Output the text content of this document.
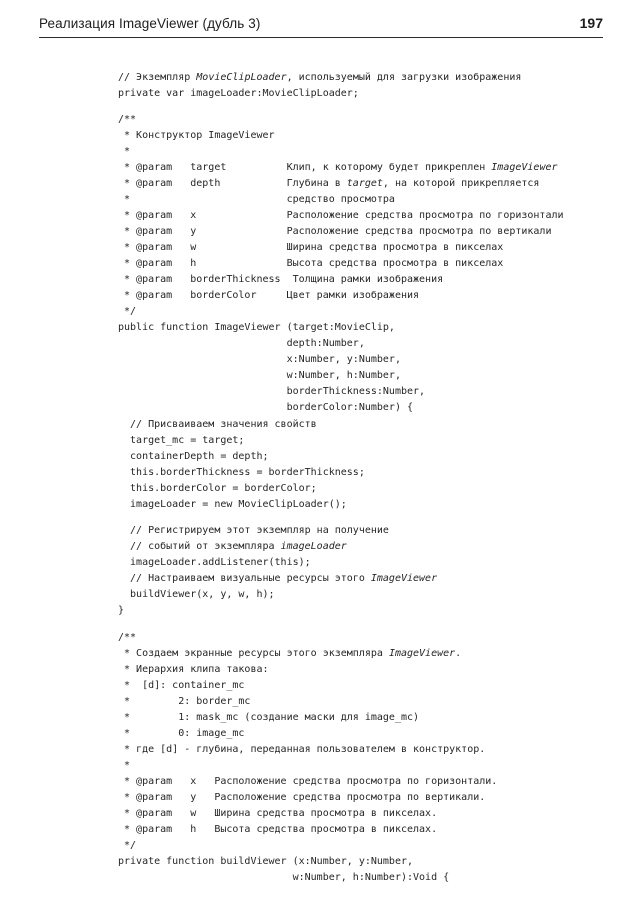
Реализация ImageViewer (дубль 3)	197
// Экземпляр MovieClipLoader, используемый для загрузки изображения
private var imageLoader:MovieClipLoader;
/**
* Конструктор ImageViewer
*
* @param   target          Клип, к которому будет прикреплен ImageViewer
* @param   depth           Глубина в target, на которой прикрепляется
*                          средство просмотра
* @param   x               Расположение средства просмотра по горизонтали
* @param   y               Расположение средства просмотра по вертикали
* @param   w               Ширина средства просмотра в пикселах
* @param   h               Высота средства просмотра в пикселах
* @param   borderThickness  Толщина рамки изображения
* @param   borderColor     Цвет рамки изображения
*/
public function ImageViewer (target:MovieClip,
depth:Number,
x:Number, y:Number,
w:Number, h:Number,
borderThickness:Number,
borderColor:Number) {
// Присваиваем значения свойств
target_mc = target;
containerDepth = depth;
this.borderThickness = borderThickness;
this.borderColor = borderColor;
imageLoader = new MovieClipLoader();
// Регистрируем этот экземпляр на получение
// событий от экземпляра imageLoader
imageLoader.addListener(this);
// Настраиваем визуальные ресурсы этого ImageViewer
buildViewer(x, y, w, h);
}
/**
* Создаем экранные ресурсы этого экземпляра ImageViewer.
* Иерархия клипа такова:
*  [d]: container_mc
*        2: border_mc
*        1: mask_mc (создание маски для image_mc)
*        0: image_mc
* где [d] - глубина, переданная пользователем в конструктор.
*
* @param   x   Расположение средства просмотра по горизонтали.
* @param   y   Расположение средства просмотра по вертикали.
* @param   w   Ширина средства просмотра в пикселах.
* @param   h   Высота средства просмотра в пикселах.
*/
private function buildViewer (x:Number, y:Number,
w:Number, h:Number):Void {
